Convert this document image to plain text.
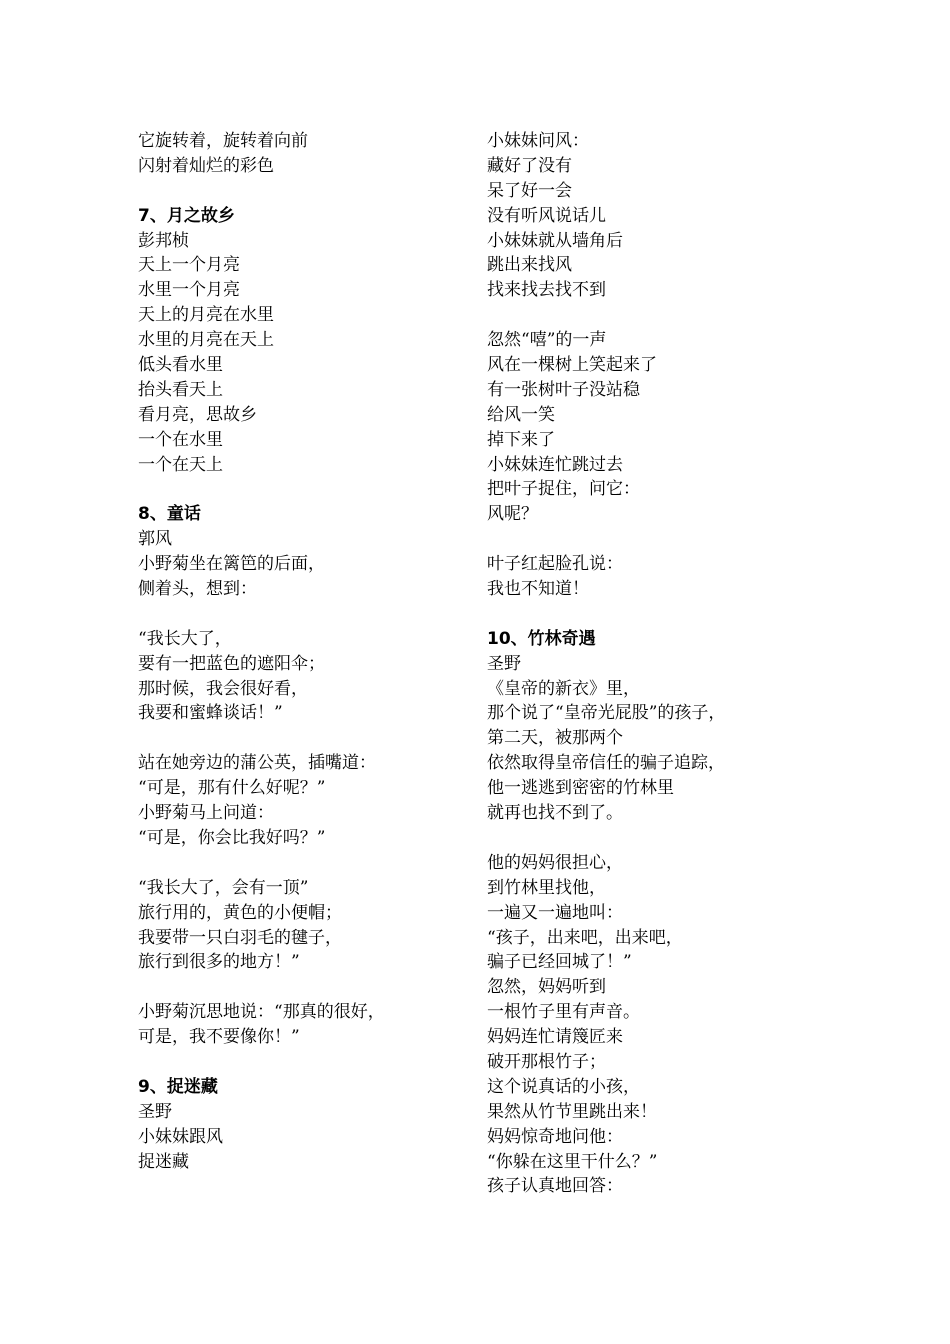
它旋转着，旋转着向前
闪射着灿烂的彩色
7、月之故乡
彭邦桢
天上一个月亮
水里一个月亮
天上的月亮在水里
水里的月亮在天上
低头看水里
抬头看天上
看月亮，思故乡
一个在水里
一个在天上
8、童话
郭风
小野菊坐在篱笆的后面，
侧着头，想到：
“我长大了，
要有一把蓝色的遮阳伞；
那时候，我会很好看，
我要和蜜蜂谈话！”
站在她旁边的蒲公英，插嘴道：
“可是，那有什么好呢？”
小野菊马上问道：
“可是，你会比我好吗？”
“我长大了，会有一顶”
旅行用的，黄色的小便帽；
我要带一只白羽毛的毽子，
旅行到很多的地方！”
小野菊沉思地说：“那真的很好，
可是，我不要像你！”
9、捉迷藏
圣野
小妹妹跟风
捉迷藏
小妹妹问风：
藏好了没有
呆了好一会
没有听风说话儿
小妹妹就从墙角后
跳出来找风
找来找去找不到
忽然“嘻”的一声
风在一棵树上笑起来了
有一张树叶子没站稳
给风一笑
掉下来了
小妹妹连忙跳过去
把叶子捉住，问它：
风呢？
叶子红起脸孔说：
我也不知道！
10、竹林奇遇
圣野
《皇帝的新衣》里，
那个说了“皇帝光屁股”的孩子，
第二天，被那两个
依然取得皇帝信任的骗子追踪，
他一逃逃到密密的竹林里
就再也找不到了。
他的妈妈很担心，
到竹林里找他，
一遍又一遍地叫：
“孩子，出来吧，出来吧，
骗子已经回城了！”
忽然，妈妈听到
一根竹子里有声音。
妈妈连忙请篾匠来
破开那根竹子；
这个说真话的小孩，
果然从竹节里跳出来！
妈妈惊奇地问他：
“你躲在这里干什么？”
孩子认真地回答：
